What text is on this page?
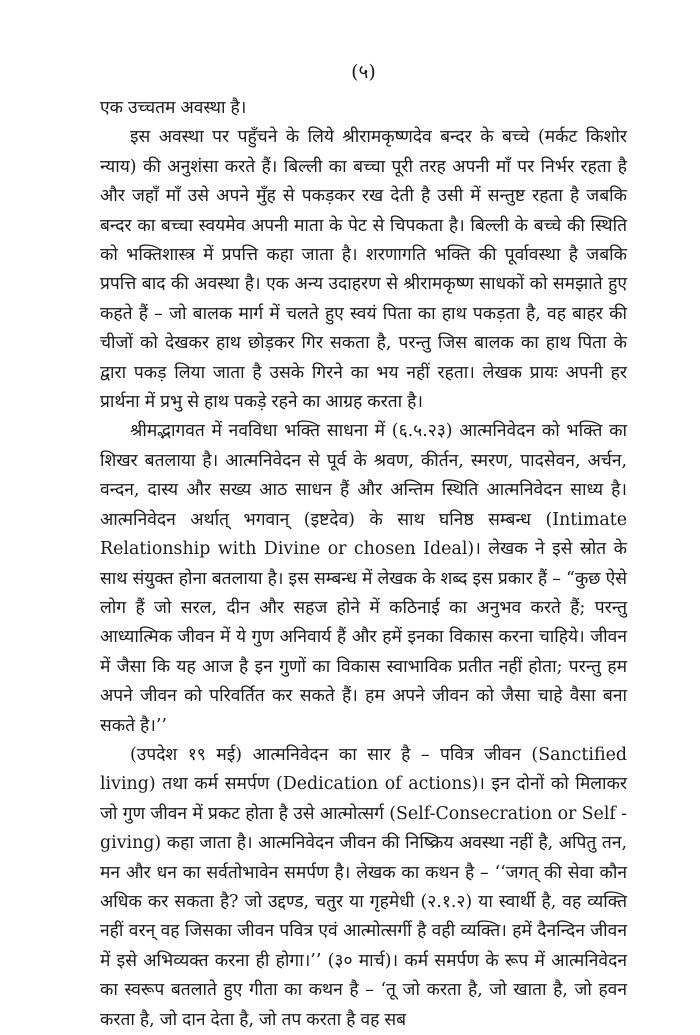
(५)

एक उच्चतम अवस्था है।

इस अवस्था पर पहुँचने के लिये श्रीरामकृष्णदेव बन्दर के बच्चे (मर्कट किशोर न्याय) की अनुशंसा करते हैं। बिल्ली का बच्चा पूरी तरह अपनी माँ पर निर्भर रहता है और जहाँ माँ उसे अपने मुँह से पकड़कर रख देती है उसी में सन्तुष्ट रहता है जबकि बन्दर का बच्चा स्वयमेव अपनी माता के पेट से चिपकता है। बिल्ली के बच्चे की स्थिति को भक्तिशास्त्र में प्रपत्ति कहा जाता है। शरणागति भक्ति की पूर्वावस्था है जबकि प्रपत्ति बाद की अवस्था है। एक अन्य उदाहरण से श्रीरामकृष्ण साधकों को समझाते हुए कहते हैं – जो बालक मार्ग में चलते हुए स्वयं पिता का हाथ पकड़ता है, वह बाहर की चीजों को देखकर हाथ छोड़कर गिर सकता है, परन्तु जिस बालक का हाथ पिता के द्वारा पकड़ लिया जाता है उसके गिरने का भय नहीं रहता। लेखक प्रायः अपनी हर प्रार्थना में प्रभु से हाथ पकड़े रहने का आग्रह करता है।

श्रीमद्भागवत में नवविधा भक्ति साधना में (६.५.२३) आत्मनिवेदन को भक्ति का शिखर बतलाया है। आत्मनिवेदन से पूर्व के श्रवण, कीर्तन, स्मरण, पादसेवन, अर्चन, वन्दन, दास्य और सख्य आठ साधन हैं और अन्तिम स्थिति आत्मनिवेदन साध्य है। आत्मनिवेदन अर्थात् भगवान् (इष्टदेव) के साथ घनिष्ठ सम्बन्ध (Intimate Relationship with Divine or chosen Ideal)। लेखक ने इसे स्रोत के साथ संयुक्त होना बतलाया है। इस सम्बन्ध में लेखक के शब्द इस प्रकार हैं – “कुछ ऐसे लोग हैं जो सरल, दीन और सहज होने में कठिनाई का अनुभव करते हैं; परन्तु आध्यात्मिक जीवन में ये गुण अनिवार्य हैं और हमें इनका विकास करना चाहिये। जीवन में जैसा कि यह आज है इन गुणों का विकास स्वाभाविक प्रतीत नहीं होता; परन्तु हम अपने जीवन को परिवर्तित कर सकते हैं। हम अपने जीवन को जैसा चाहे वैसा बना सकते है।’’

(उपदेश १९ मई) आत्मनिवेदन का सार है – पवित्र जीवन (Sanctified living) तथा कर्म समर्पण (Dedication of actions)। इन दोनों को मिलाकर जो गुण जीवन में प्रकट होता है उसे आत्मोत्सर्ग (Self-Consecration or Self -giving) कहा जाता है। आत्मनिवेदन जीवन की निष्क्रिय अवस्था नहीं है, अपितु तन, मन और धन का सर्वतोभावेन समर्पण है। लेखक का कथन है – ‘‘जगत् की सेवा कौन अधिक कर सकता है? जो उद्दण्ड, चतुर या गृहमेधी (२.१.२) या स्वार्थी है, वह व्यक्ति नहीं वरन् वह जिसका जीवन पवित्र एवं आत्मोत्सर्गी है वही व्यक्ति। हमें दैनन्दिन जीवन में इसे अभिव्यक्त करना ही होगा।’’ (३० मार्च)। कर्म समर्पण के रूप में आत्मनिवेदन का स्वरूप बतलाते हुए गीता का कथन है – ‘तू जो करता है, जो खाता है, जो हवन करता है, जो दान देता है, जो तप करता है वह सब
